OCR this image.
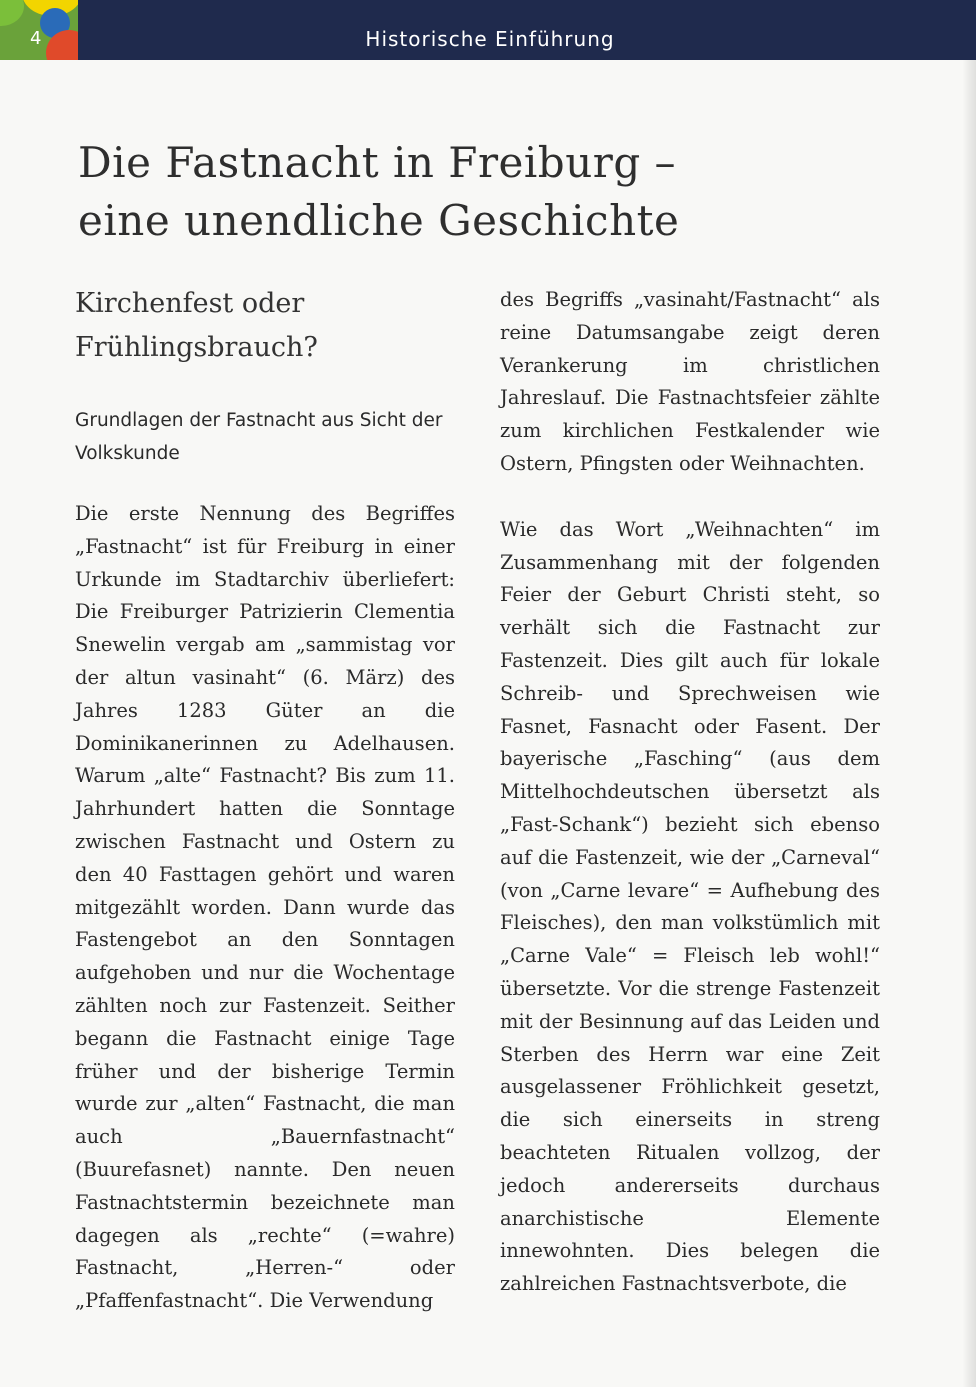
4	Historische Einführung
Die Fastnacht in Freiburg –
eine unendliche Geschichte
Kirchenfest oder Frühlingsbrauch?

Grundlagen der Fastnacht aus Sicht der Volkskunde

Die erste Nennung des Begriffes „Fastnacht“ ist für Freiburg in einer Urkunde im Stadtarchiv überliefert: Die Freiburger Patrizierin Clementia Snewelin vergab am „sammistag vor der altun vasinaht“ (6. März) des Jahres 1283 Güter an die Dominikanerinnen zu Adelhausen. Warum „alte“ Fastnacht? Bis zum 11. Jahrhundert hatten die Sonntage zwischen Fastnacht und Ostern zu den 40 Fasttagen gehört und waren mitgezählt worden. Dann wurde das Fastengebot an den Sonntagen aufgehoben und nur die Wochentage zählten noch zur Fastenzeit. Seither begann die Fastnacht einige Tage früher und der bisherige Termin wurde zur „alten“ Fastnacht, die man auch „Bauernfastnacht“ (Buurefasnet) nannte. Den neuen Fastnachtstermin bezeichnete man dagegen als „rechte“ (=wahre) Fastnacht, „Herren-“ oder „Pfaffenfastnacht“. Die Verwendung

des Begriffs „vasinaht/Fastnacht“ als reine Datumsangabe zeigt deren Verankerung im christlichen Jahreslauf. Die Fastnachtsfeier zählte zum kirchlichen Festkalender wie Ostern, Pfingsten oder Weihnachten.

Wie das Wort „Weihnachten“ im Zusammenhang mit der folgenden Feier der Geburt Christi steht, so verhält sich die Fastnacht zur Fastenzeit. Dies gilt auch für lokale Schreib- und Sprechweisen wie Fasnet, Fasnacht oder Fasent. Der bayerische „Fasching“ (aus dem Mittelhochdeutschen übersetzt als „Fast-Schank“) bezieht sich ebenso auf die Fastenzeit, wie der „Carneval“ (von „Carne levare“ = Aufhebung des Fleisches), den man volkstümlich mit „Carne Vale“ = Fleisch leb wohl!“ übersetzte. Vor die strenge Fastenzeit mit der Besinnung auf das Leiden und Sterben des Herrn war eine Zeit ausgelassener Fröhlichkeit gesetzt, die sich einerseits in streng beachteten Ritualen vollzog, der jedoch andererseits durchaus anarchistische Elemente innewohnten. Dies belegen die zahlreichen Fastnachtsverbote, die
